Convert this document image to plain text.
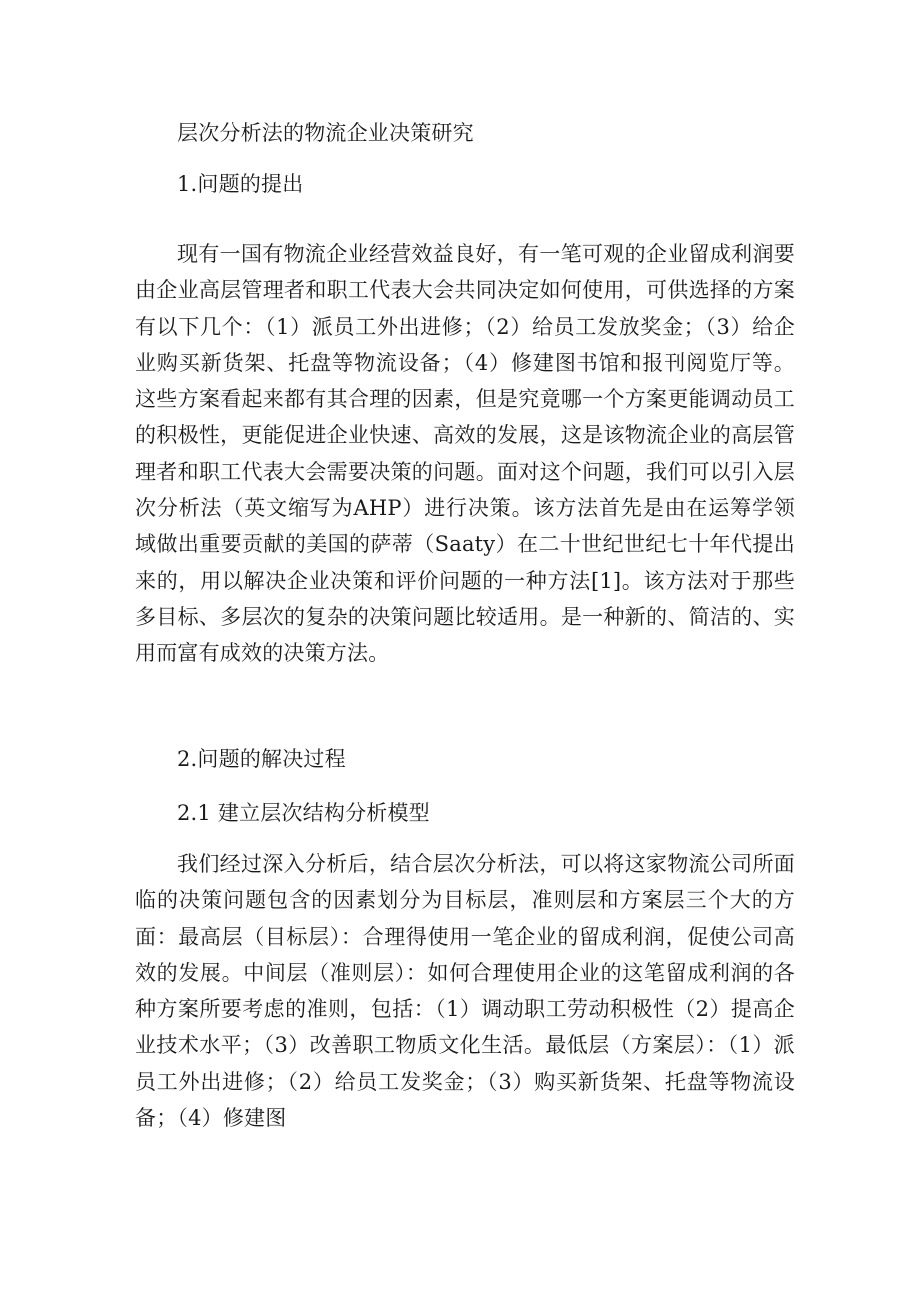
层次分析法的物流企业决策研究
1.问题的提出
现有一国有物流企业经营效益良好，有一笔可观的企业留成利润要由企业高层管理者和职工代表大会共同决定如何使用，可供选择的方案有以下几个：（1）派员工外出进修；（2）给员工发放奖金；（3）给企业购买新货架、托盘等物流设备；（4）修建图书馆和报刊阅览厅等。这些方案看起来都有其合理的因素，但是究竟哪一个方案更能调动员工的积极性，更能促进企业快速、高效的发展，这是该物流企业的高层管理者和职工代表大会需要决策的问题。面对这个问题，我们可以引入层次分析法（英文缩写为AHP）进行决策。该方法首先是由在运筹学领域做出重要贡献的美国的萨蒂（Saaty）在二十世纪世纪七十年代提出来的，用以解决企业决策和评价问题的一种方法[1]。该方法对于那些多目标、多层次的复杂的决策问题比较适用。是一种新的、简洁的、实用而富有成效的决策方法。
2.问题的解决过程
2.1 建立层次结构分析模型
我们经过深入分析后，结合层次分析法，可以将这家物流公司所面临的决策问题包含的因素划分为目标层，准则层和方案层三个大的方面：最高层（目标层）：合理得使用一笔企业的留成利润，促使公司高效的发展。中间层（准则层）：如何合理使用企业的这笔留成利润的各种方案所要考虑的准则，包括：（1）调动职工劳动积极性（2）提高企业技术水平；（3）改善职工物质文化生活。最低层（方案层）：（1）派员工外出进修；（2）给员工发奖金；（3）购买新货架、托盘等物流设备；（4）修建图
